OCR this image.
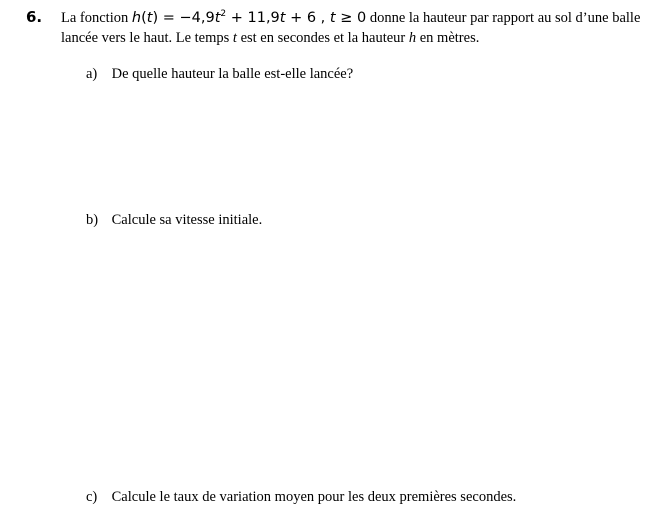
6. La fonction $h(t) = -4,9t^2 + 11,9t + 6$ , t ≥ 0 donne la hauteur par rapport au sol d’une balle lancée vers le haut. Le temps t est en secondes et la hauteur h en mètres.
a) De quelle hauteur la balle est-elle lancée?
b) Calcule sa vitesse initiale.
c) Calcule le taux de variation moyen pour les deux premières secondes.
